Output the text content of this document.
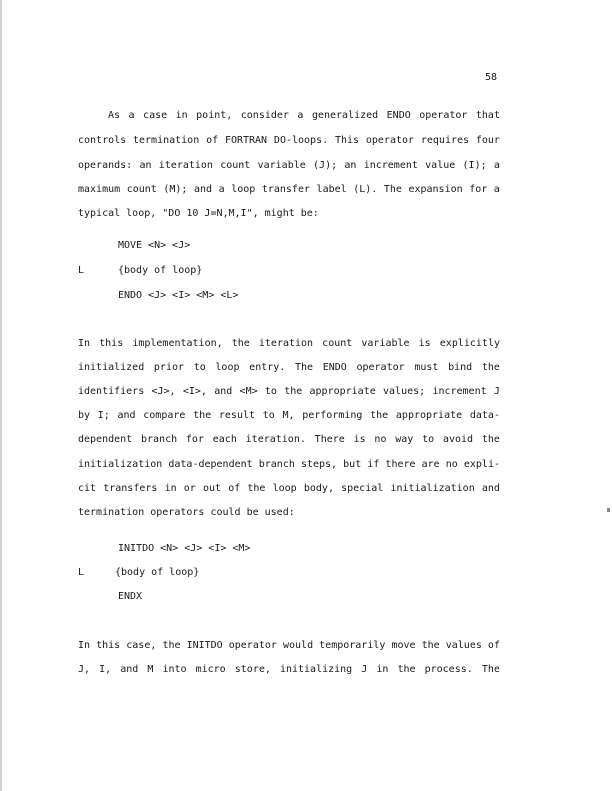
58
As a case in point, consider a generalized ENDO operator that
controls termination of FORTRAN DO-loops. This operator requires four
operands: an iteration count variable (J); an increment value (I); a
maximum count (M); and a loop transfer label (L). The expansion for a
typical loop, "DO 10 J=N,M,I", might be:
MOVE <N> <J>
L	{body of loop}
ENDO <J> <I> <M> <L>
In this implementation, the iteration count variable is explicitly
initialized prior to loop entry. The ENDO operator must bind the
identifiers <J>, <I>, and <M> to the appropriate values; increment J
by I; and compare the result to M, performing the appropriate data-
dependent branch for each iteration. There is no way to avoid the
initialization data-dependent branch steps, but if there are no expli-
cit transfers in or out of the loop body, special initialization and
termination operators could be used:
INITDO <N> <J> <I> <M>
L	{body of loop}
ENDX
In this case, the INITDO operator would temporarily move the values of
J, I, and M into micro store, initializing J in the process. The
